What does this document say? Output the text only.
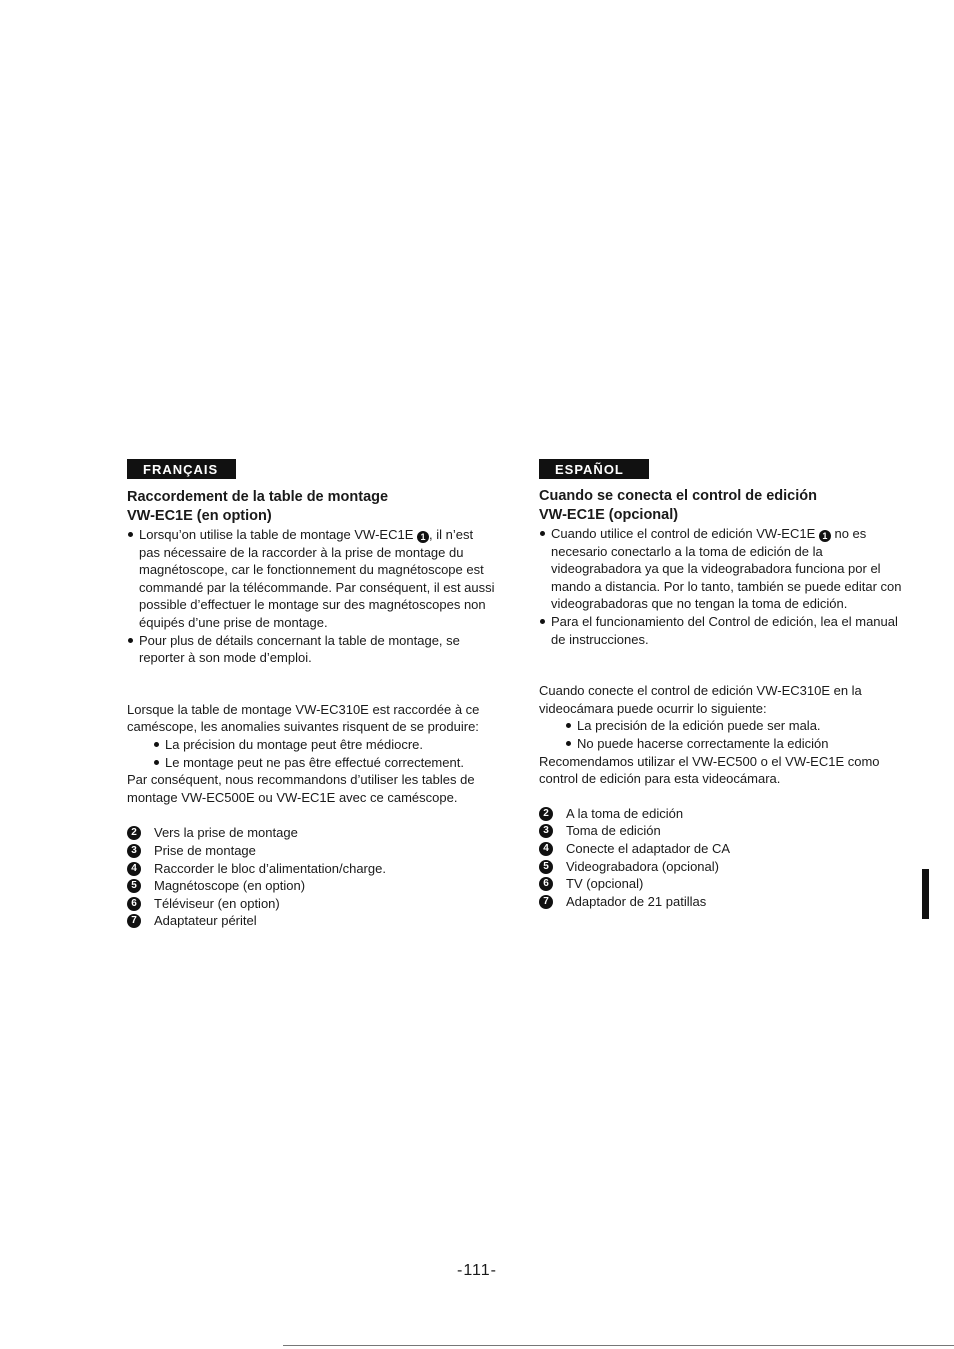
FRANÇAIS
Raccordement de la table de montage
VW-EC1E (en option)
Lorsqu’on utilise la table de montage VW-EC1E 1 , il n’est pas nécessaire de la raccorder à la prise de montage du magnétoscope, car le fonctionnement du magnétoscope est commandé par la télécommande. Par conséquent, il est aussi possible d’effectuer le montage sur des magnétoscopes non équipés d’une prise de montage.
Pour plus de détails concernant la table de montage, se reporter à son mode d’emploi.

Lorsque la table de montage VW-EC310E est raccordée à ce caméscope, les anomalies suivantes risquent de se produire:

La précision du montage peut être médiocre.
Le montage peut ne pas être effectué correctement.

Par conséquent, nous recommandons d’utiliser les tables de montage VW-EC500E ou VW-EC1E avec ce caméscope.

2	Vers la prise de montage
3	Prise de montage
4	Raccorder le bloc d’alimentation/charge.
5	Magnétoscope (en option)
6	Téléviseur (en option)
7	Adaptateur péritel
ESPAÑOL
Cuando se conecta el control de edición
VW-EC1E (opcional)
Cuando utilice el control de edición VW-EC1E 1 no es necesario conectarlo a la toma de edición de la videograbadora ya que la videograbadora funciona por el mando a distancia. Por lo tanto, también se puede editar con videograbadoras que no tengan la toma de edición.
Para el funcionamiento del Control de edición, lea el manual de instrucciones.

Cuando conecte el control de edición VW-EC310E en la videocámara puede ocurrir lo siguiente:

La precisión de la edición puede ser mala.
No puede hacerse correctamente la edición

Recomendamos utilizar el VW-EC500 o el VW-EC1E como control de edición para esta videocámara.

2	A la toma de edición
3	Toma de edición
4	Conecte el adaptador de CA
5	Videograbadora (opcional)
6	TV (opcional)
7	Adaptador de 21 patillas
-111-
